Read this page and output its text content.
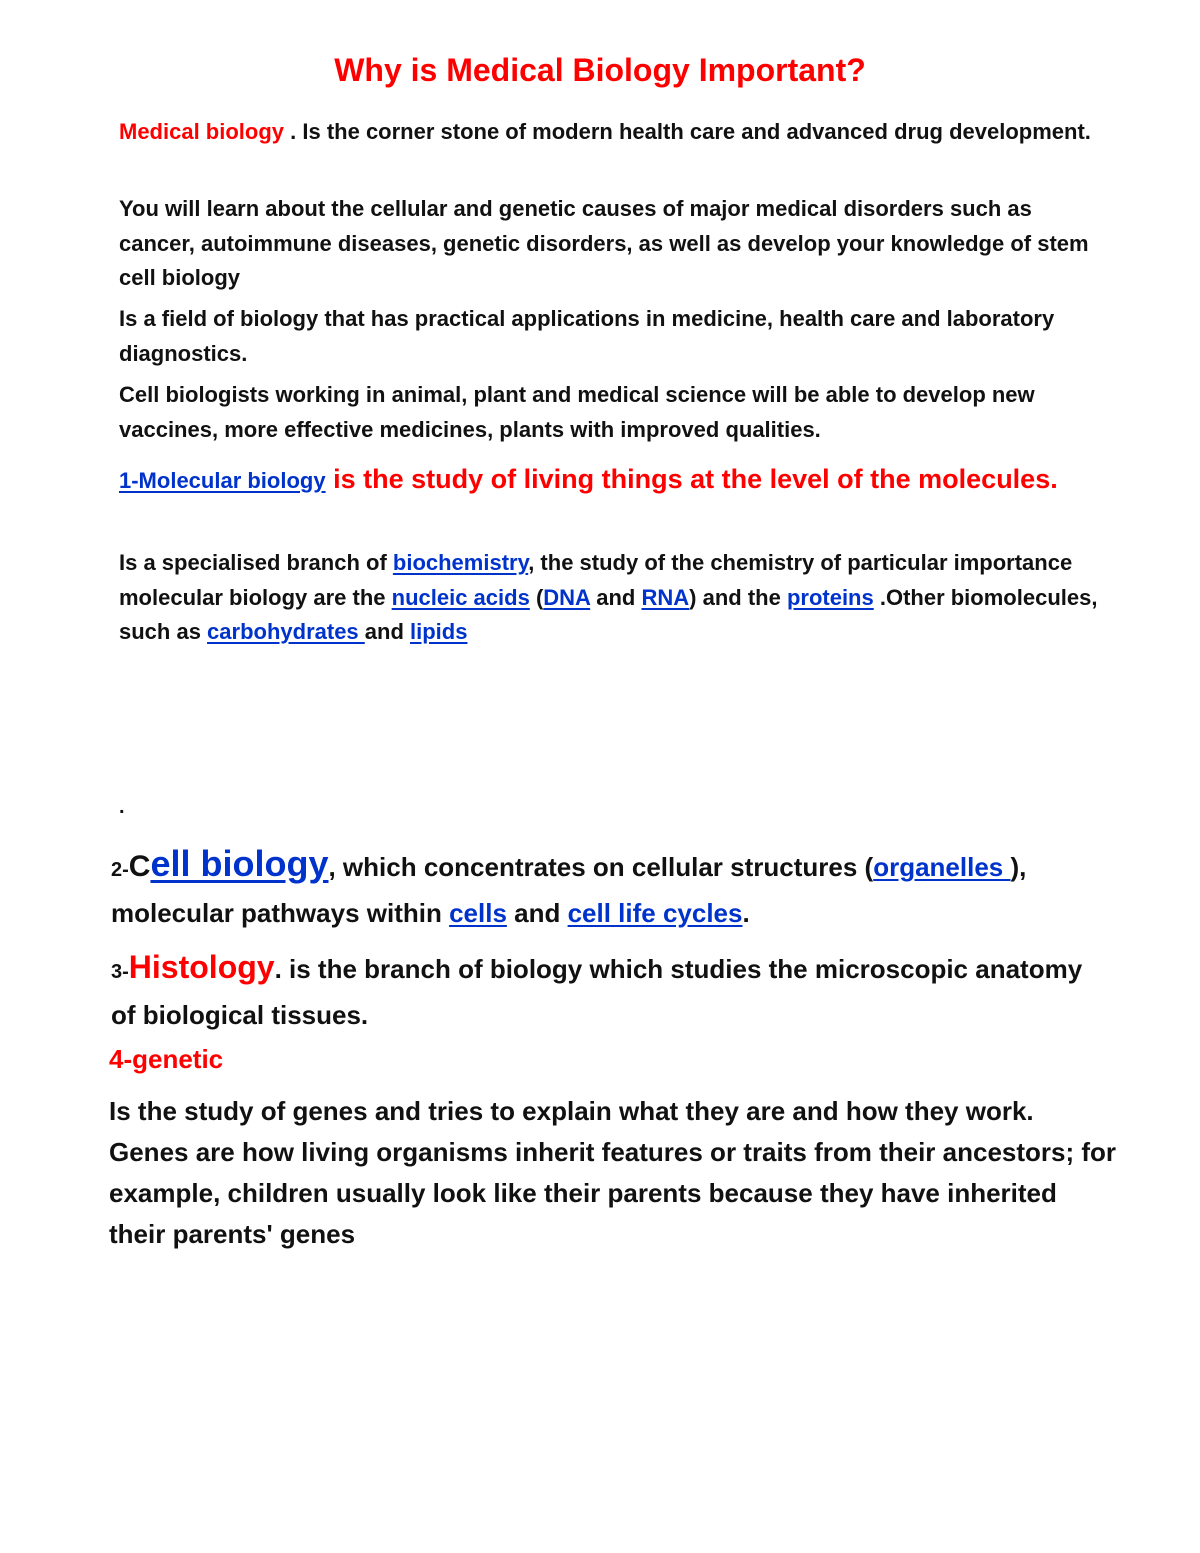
Why is Medical Biology Important?
Medical biology . Is the corner stone of modern health care and advanced drug development.
You will learn about the cellular and genetic causes of major medical disorders such as cancer, autoimmune diseases, genetic disorders, as well as develop your knowledge of stem cell biology
Is a field of biology that has practical applications in medicine, health care and laboratory diagnostics.
Cell biologists working in animal, plant and medical science will be able to develop new vaccines, more effective medicines, plants with improved qualities.
1-Molecular biology is the study of living things at the level of the molecules.
Is a specialised branch of biochemistry, the study of the chemistry of particular importance molecular biology are the nucleic acids (DNA and RNA) and the proteins .Other biomolecules, such as carbohydrates and lipids
.
2-Cell biology, which concentrates on cellular structures (organelles ), molecular pathways within cells and cell life cycles.
3-Histology. is the branch of biology which studies the microscopic anatomy of biological tissues.
4-genetic
Is the study of genes and tries to explain what they are and how they work. Genes are how living organisms inherit features or traits from their ancestors; for example, children usually look like their parents because they have inherited their parents' genes
